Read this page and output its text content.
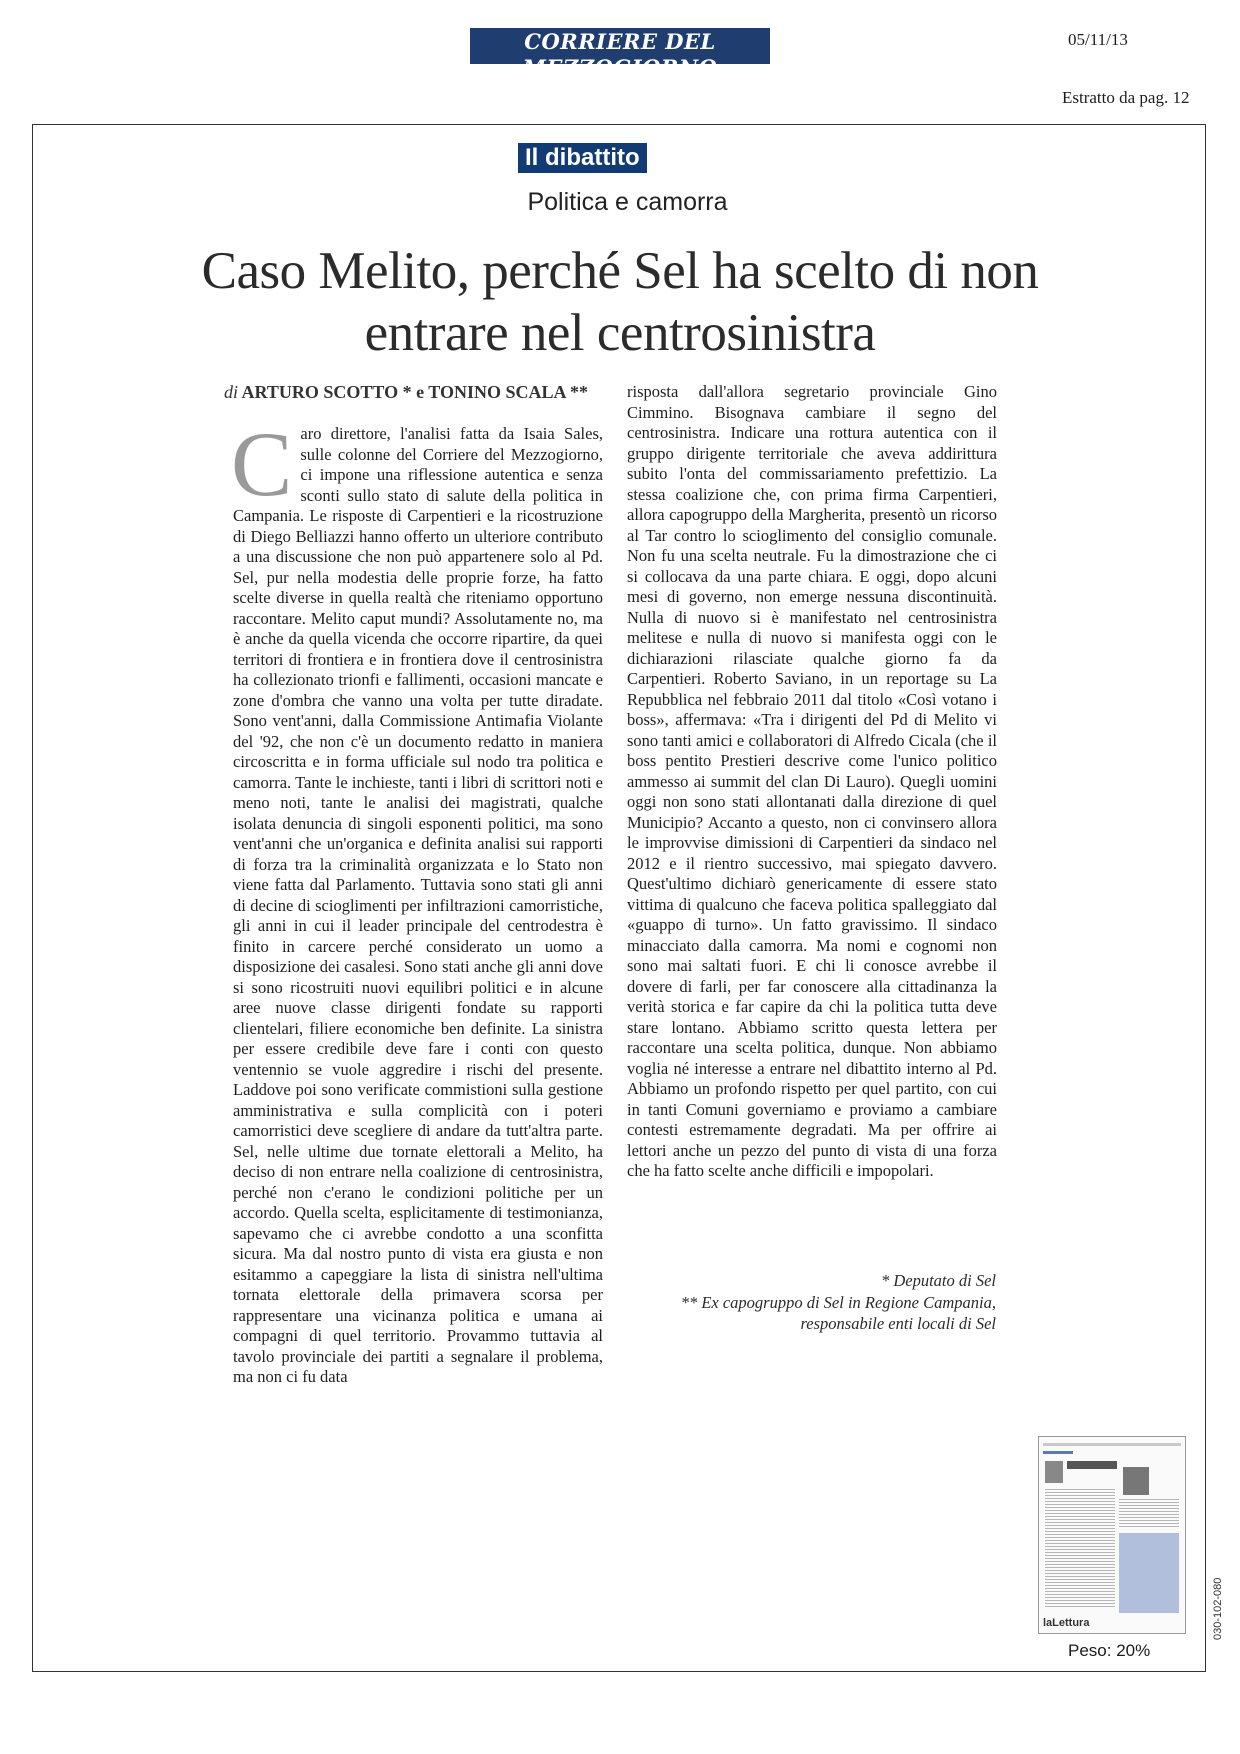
CORRIERE DEL MEZZOGIORNO
NAPOLI E CAMPANIA
05/11/13
Estratto da pag. 12
Il dibattito
Politica e camorra
Caso Melito, perché Sel ha scelto di non entrare nel centrosinistra
di ARTURO SCOTTO * e TONINO SCALA **
C aro direttore, l'analisi fatta da Isaia Sales, sulle colonne del Corriere del Mezzogiorno, ci impone una riflessione autentica e senza sconti sullo stato di salute della politica in Campania. Le risposte di Carpentieri e la ricostruzione di Diego Belliazzi hanno offerto un ulteriore contributo a una discussione che non può appartenere solo al Pd. Sel, pur nella modestia delle proprie forze, ha fatto scelte diverse in quella realtà che riteniamo opportuno raccontare. Melito caput mundi? Assolutamente no, ma è anche da quella vicenda che occorre ripartire, da quei territori di frontiera e in frontiera dove il centrosinistra ha collezionato trionfi e fallimenti, occasioni mancate e zone d'ombra che vanno una volta per tutte diradate. Sono vent'anni, dalla Commissione Antimafia Violante del '92, che non c'è un documento redatto in maniera circoscritta e in forma ufficiale sul nodo tra politica e camorra. Tante le inchieste, tanti i libri di scrittori noti e meno noti, tante le analisi dei magistrati, qualche isolata denuncia di singoli esponenti politici, ma sono vent'anni che un'organica e definita analisi sui rapporti di forza tra la criminalità organizzata e lo Stato non viene fatta dal Parlamento. Tuttavia sono stati gli anni di decine di scioglimenti per infiltrazioni camorristiche, gli anni in cui il leader principale del centrodestra è finito in carcere perché considerato un uomo a disposizione dei casalesi. Sono stati anche gli anni dove si sono ricostruiti nuovi equilibri politici e in alcune aree nuove classe dirigenti fondate su rapporti clientelari, filiere economiche ben definite. La sinistra per essere credibile deve fare i conti con questo ventennio se vuole aggredire i rischi del presente. Laddove poi sono verificate commistioni sulla gestione amministrativa e sulla complicità con i poteri camorristici deve scegliere di andare da tutt'altra parte. Sel, nelle ultime due tornate elettorali a Melito, ha deciso di non entrare nella coalizione di centrosinistra, perché non c'erano le condizioni politiche per un accordo. Quella scelta, esplicitamente di testimonianza, sapevamo che ci avrebbe condotto a una sconfitta sicura. Ma dal nostro punto di vista era giusta e non esitammo a capeggiare la lista di sinistra nell'ultima tornata elettorale della primavera scorsa per rappresentare una vicinanza politica e umana ai compagni di quel territorio. Provammo tuttavia al tavolo provinciale dei partiti a segnalare il problema, ma non ci fu data

risposta dall'allora segretario provinciale Gino Cimmino. Bisognava cambiare il segno del centrosinistra. Indicare una rottura autentica con il gruppo dirigente territoriale che aveva addirittura subito l'onta del commissariamento prefettizio. La stessa coalizione che, con prima firma Carpentieri, allora capogruppo della Margherita, presentò un ricorso al Tar contro lo scioglimento del consiglio comunale. Non fu una scelta neutrale. Fu la dimostrazione che ci si collocava da una parte chiara. E oggi, dopo alcuni mesi di governo, non emerge nessuna discontinuità. Nulla di nuovo si è manifestato nel centrosinistra melitese e nulla di nuovo si manifesta oggi con le dichiarazioni rilasciate qualche giorno fa da Carpentieri. Roberto Saviano, in un reportage su La Repubblica nel febbraio 2011 dal titolo «Così votano i boss», affermava: «Tra i dirigenti del Pd di Melito vi sono tanti amici e collaboratori di Alfredo Cicala (che il boss pentito Prestieri descrive come l'unico politico ammesso ai summit del clan Di Lauro). Quegli uomini oggi non sono stati allontanati dalla direzione di quel Municipio? Accanto a questo, non ci convinsero allora le improvvise dimissioni di Carpentieri da sindaco nel 2012 e il rientro successivo, mai spiegato davvero. Quest'ultimo dichiarò genericamente di essere stato vittima di qualcuno che faceva politica spalleggiato dal «guappo di turno». Un fatto gravissimo. Il sindaco minacciato dalla camorra. Ma nomi e cognomi non sono mai saltati fuori. E chi li conosce avrebbe il dovere di farli, per far conoscere alla cittadinanza la verità storica e far capire da chi la politica tutta deve stare lontano. Abbiamo scritto questa lettera per raccontare una scelta politica, dunque. Non abbiamo voglia né interesse a entrare nel dibattito interno al Pd. Abbiamo un profondo rispetto per quel partito, con cui in tanti Comuni governiamo e proviamo a cambiare contesti estremamente degradati. Ma per offrire ai lettori anche un pezzo del punto di vista di una forza che ha fatto scelte anche difficili e impopolari.

* Deputato di Sel
** Ex capogruppo di Sel in Regione Campania, responsabile enti locali di Sel
laLettura
Peso: 20%
030-102-080
